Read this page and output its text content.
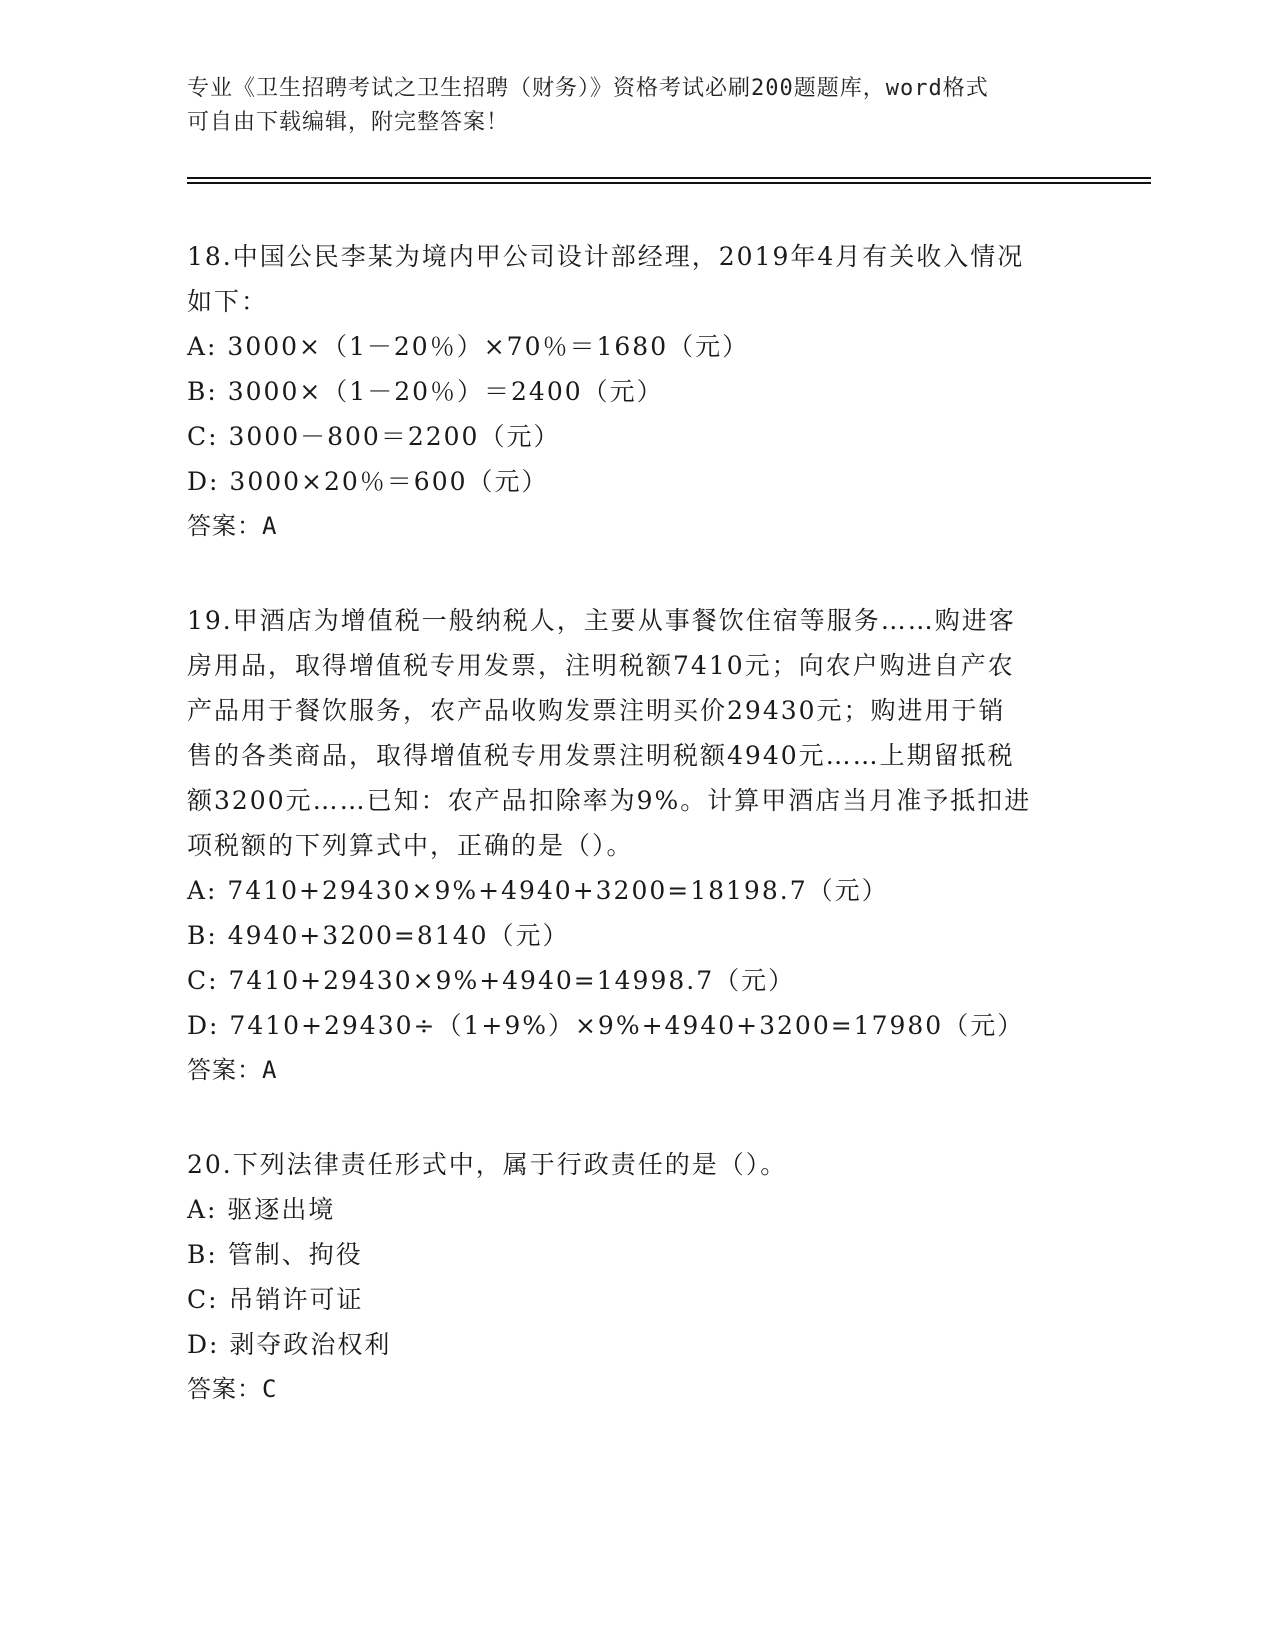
专业《卫生招聘考试之卫生招聘（财务）》资格考试必刷200题题库，word格式
可自由下载编辑，附完整答案！
18.中国公民李某为境内甲公司设计部经理，2019年4月有关收入情况
如下：
A: 3000×（1－20％）×70％＝1680（元）
B: 3000×（1－20％）＝2400（元）
C: 3000－800＝2200（元）
D: 3000×20％＝600（元）
答案：A
19.甲酒店为增值税一般纳税人，主要从事餐饮住宿等服务……购进客
房用品，取得增值税专用发票，注明税额7410元；向农户购进自产农
产品用于餐饮服务，农产品收购发票注明买价29430元；购进用于销
售的各类商品，取得增值税专用发票注明税额4940元……上期留抵税
额3200元……已知：农产品扣除率为9%。计算甲酒店当月准予抵扣进
项税额的下列算式中，正确的是（）。
A: 7410+29430×9%+4940+3200=18198.7（元）
B: 4940+3200=8140（元）
C: 7410+29430×9%+4940=14998.7（元）
D: 7410+29430÷（1+9%）×9%+4940+3200=17980（元）
答案：A
20.下列法律责任形式中，属于行政责任的是（）。
A: 驱逐出境
B: 管制、拘役
C: 吊销许可证
D: 剥夺政治权利
答案：C
